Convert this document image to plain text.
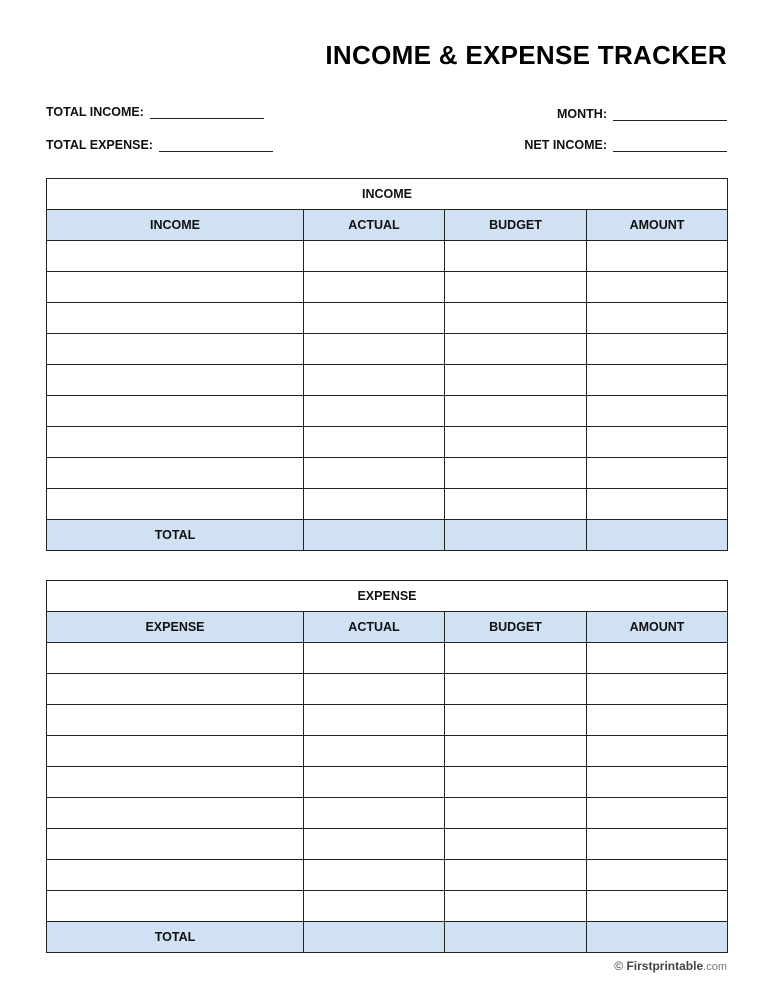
INCOME & EXPENSE TRACKER
TOTAL INCOME:
TOTAL EXPENSE:
MONTH:
NET INCOME:
INCOME			
INCOME	ACTUAL	BUDGET	AMOUNT

TOTAL			
EXPENSE			
EXPENSE	ACTUAL	BUDGET	AMOUNT

TOTAL			
© Firstprintable.com
